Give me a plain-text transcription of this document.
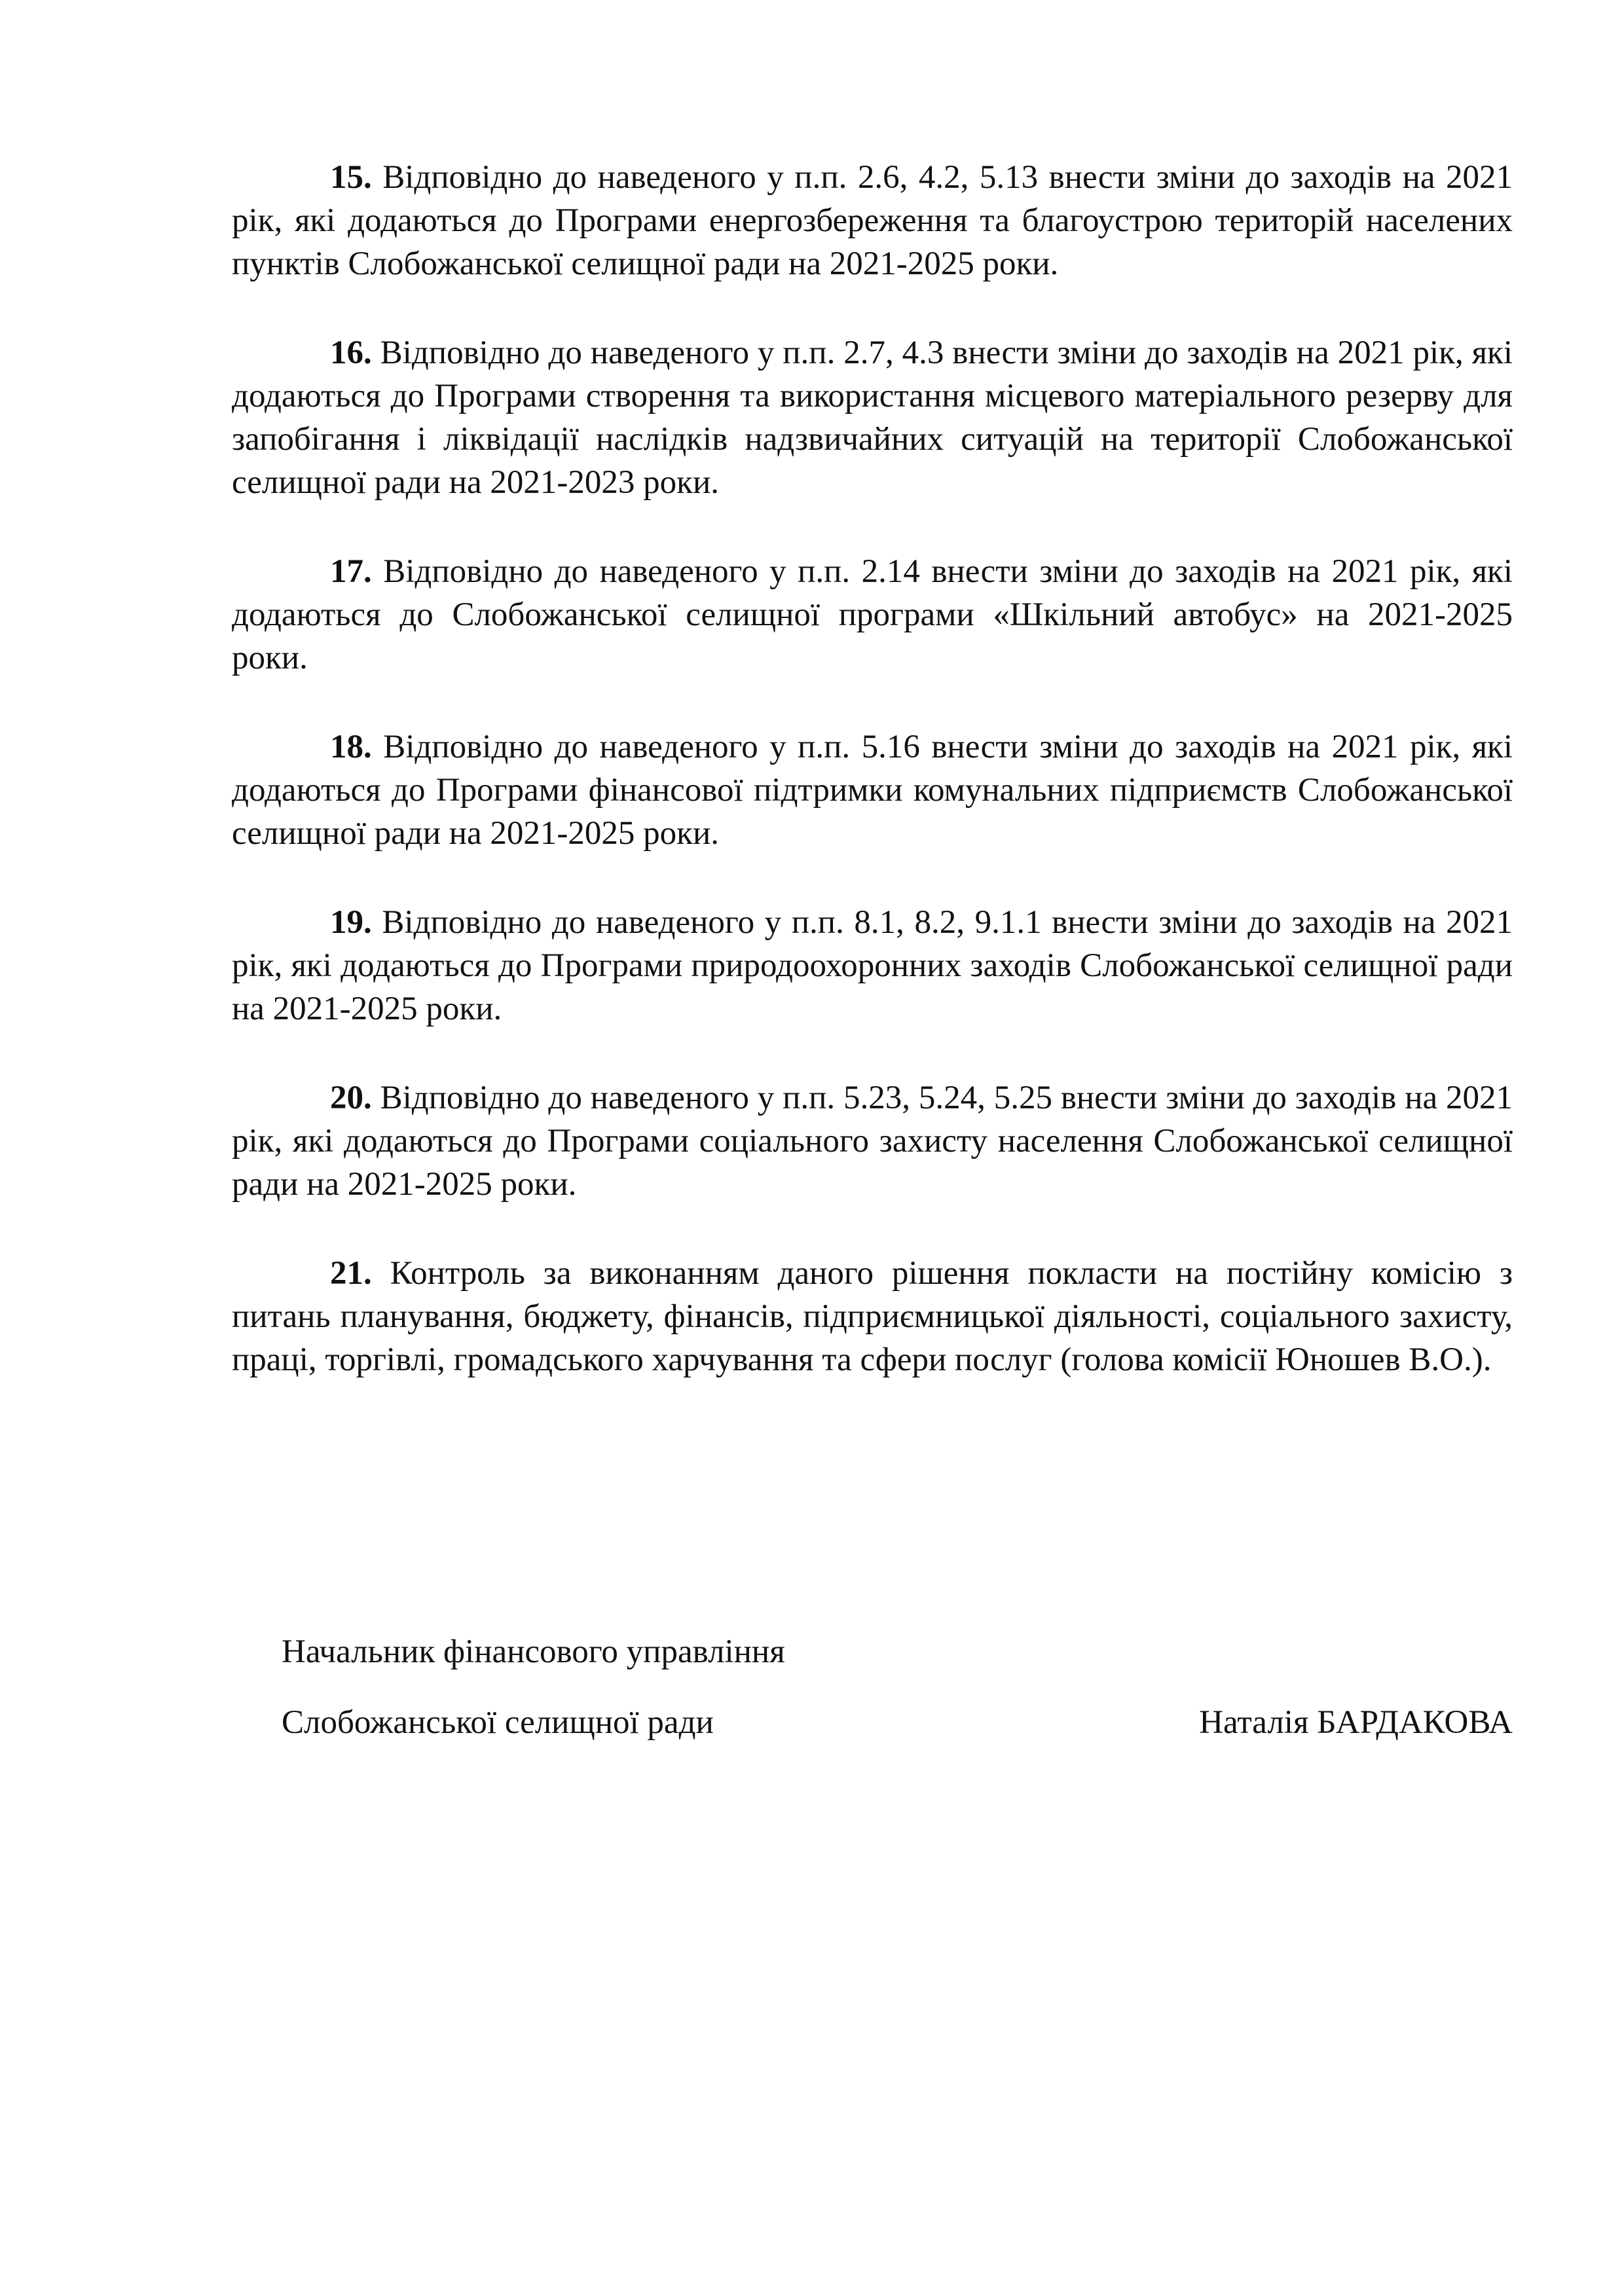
15. Відповідно до наведеного у п.п. 2.6, 4.2, 5.13 внести зміни до заходів на 2021 рік, які додаються до Програми енергозбереження та благоустрою територій населених пунктів Слобожанської селищної ради на 2021-2025 роки.

16. Відповідно до наведеного у п.п. 2.7, 4.3 внести зміни до заходів на 2021 рік, які додаються до Програми створення та використання місцевого матеріального резерву для запобігання і ліквідації наслідків надзвичайних ситуацій на території Слобожанської селищної ради на 2021-2023 роки.

17. Відповідно до наведеного у п.п. 2.14 внести зміни до заходів на 2021 рік, які додаються до Слобожанської селищної програми «Шкільний автобус» на 2021-2025 роки.

18. Відповідно до наведеного у п.п. 5.16 внести зміни до заходів на 2021 рік, які додаються до Програми фінансової підтримки комунальних підприємств Слобожанської селищної ради на 2021-2025 роки.

19. Відповідно до наведеного у п.п. 8.1, 8.2, 9.1.1 внести зміни до заходів на 2021 рік, які додаються до Програми природоохоронних заходів Слобожанської селищної ради на 2021-2025 роки.

20. Відповідно до наведеного у п.п. 5.23, 5.24, 5.25 внести зміни до заходів на 2021 рік, які додаються до Програми соціального захисту населення Слобожанської селищної ради на 2021-2025 роки.

21. Контроль за виконанням даного рішення покласти на постійну комісію з питань планування, бюджету, фінансів, підприємницької діяльності, соціального захисту, праці, торгівлі, громадського харчування та сфери послуг (голова комісії Юношев В.О.).

Начальник фінансового управління
Слобожанської селищної ради	Наталія БАРДАКОВА
